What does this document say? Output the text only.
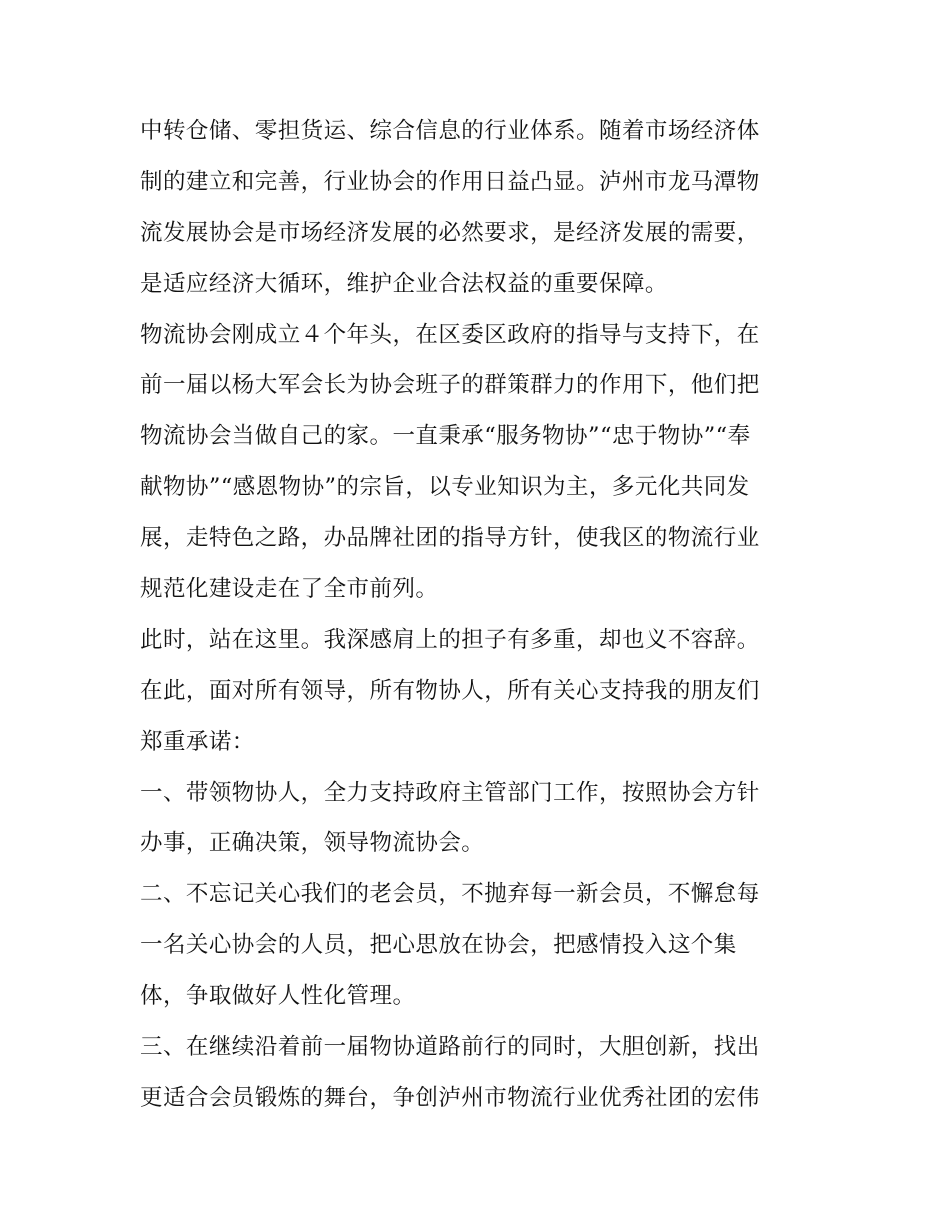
中转仓储、零担货运、综合信息的行业体系。随着市场经济体
制的建立和完善，行业协会的作用日益凸显。泸州市龙马潭物
流发展协会是市场经济发展的必然要求，是经济发展的需要，
是适应经济大循环，维护企业合法权益的重要保障。
物流协会刚成立４个年头，在区委区政府的指导与支持下，在
前一届以杨大军会长为协会班子的群策群力的作用下，他们把
物流协会当做自己的家。一直秉承“服务物协”“忠于物协”“奉
献物协”“感恩物协”的宗旨，以专业知识为主，多元化共同发
展，走特色之路，办品牌社团的指导方针，使我区的物流行业
规范化建设走在了全市前列。
此时，站在这里。我深感肩上的担子有多重，却也义不容辞。
在此，面对所有领导，所有物协人，所有关心支持我的朋友们
郑重承诺：
一、带领物协人，全力支持政府主管部门工作，按照协会方针
办事，正确决策，领导物流协会。
二、不忘记关心我们的老会员，不抛弃每一新会员，不懈怠每
一名关心协会的人员，把心思放在协会，把感情投入这个集
体，争取做好人性化管理。
三、在继续沿着前一届物协道路前行的同时，大胆创新，找出
更适合会员锻炼的舞台，争创泸州市物流行业优秀社团的宏伟
